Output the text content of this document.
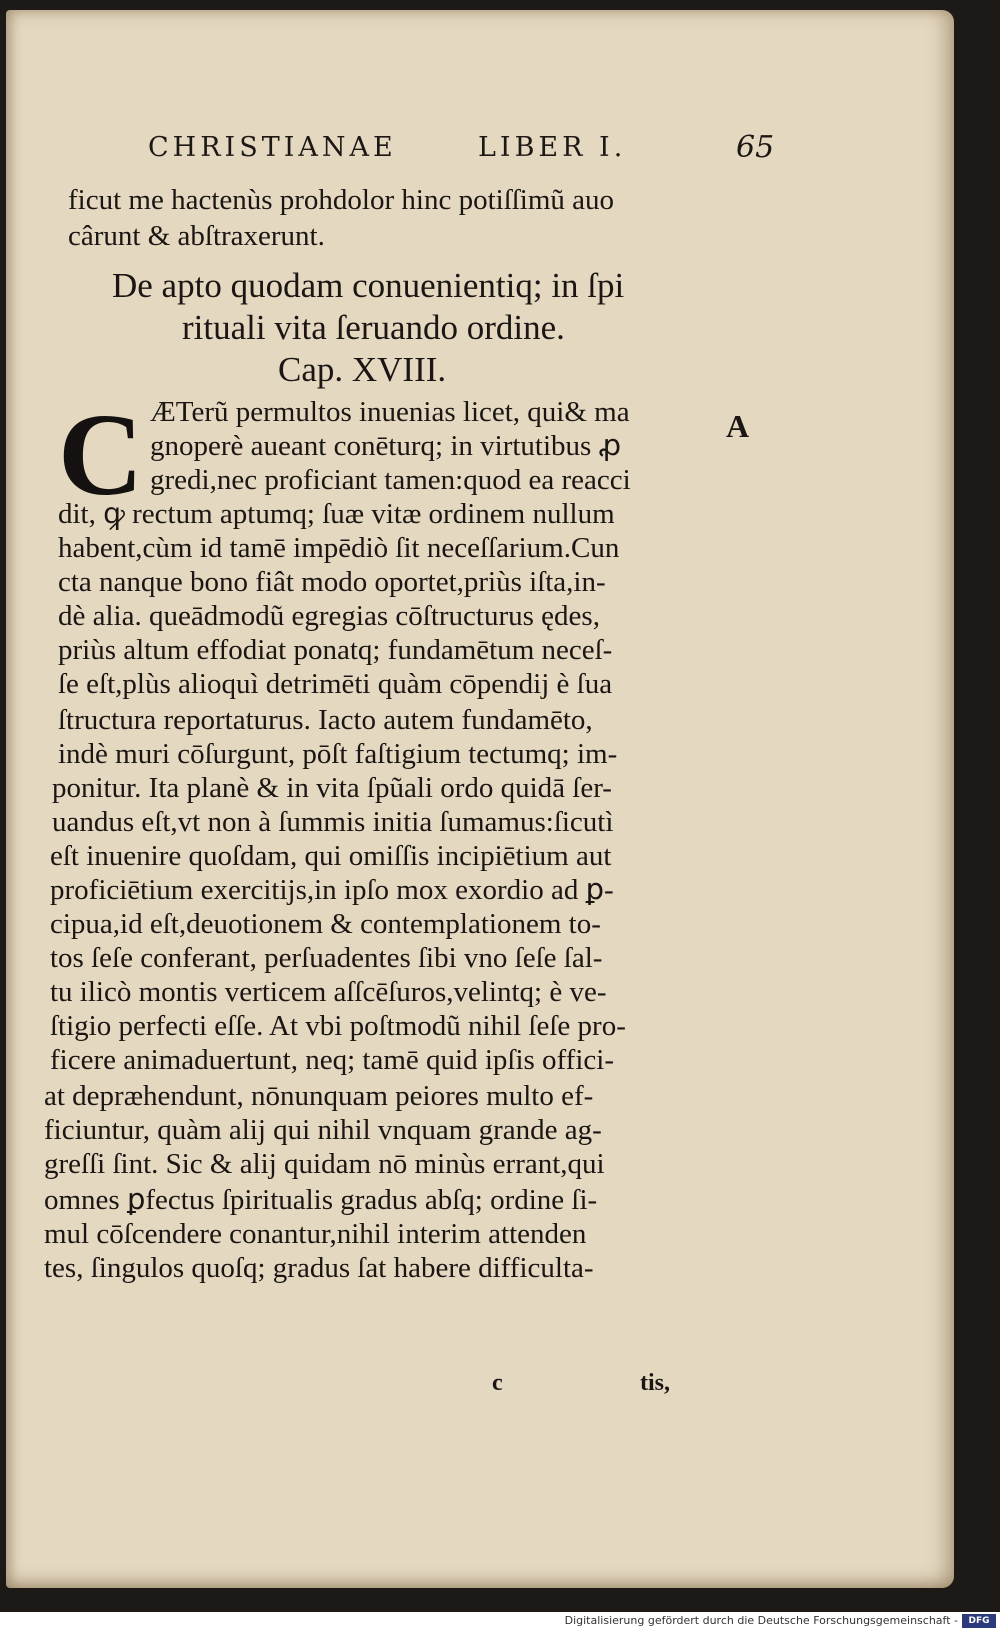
CHRISTIANAE	LIBER I.	65
ficut me hactenùs prohdolor hinc potiſſimũ auo
cârunt & abſtraxerunt.
De apto quodam conuenientiq; in ſpi
rituali vita ſeruando ordine.
Cap. XVIII.
C	A
ÆTerũ permultos inuenias licet, qui& ma
gnoperè aueant conēturq; in virtutibus ꝓ
gredi,nec proficiant tamen:quod ea reacci
dit, ꝙ rectum aptumq; ſuæ vitæ ordinem nullum
habent,cùm id tamē impēdiò ſit neceſſarium.Cun
cta nanque bono fiât modo oportet,priùs iſta,in-
dè alia. queādmodũ egregias cōſtructurus ędes,
priùs altum effodiat ponatq; fundamētum neceſ-
ſe eſt,plùs alioquì detrimēti quàm cōpendij è ſua
ſtructura reportaturus. Iacto autem fundamēto,
indè muri cōſurgunt, pōſt faſtigium tectumq; im-
ponitur. Ita planè & in vita ſpũali ordo quidā ſer-
uandus eſt,vt non à ſummis initia ſumamus:ſicutì
eſt inuenire quoſdam, qui omiſſis incipiētium aut
proficiētium exercitijs,in ipſo mox exordio ad ꝑ-
cipua,id eſt,deuotionem & contemplationem to-
tos ſeſe conferant, perſuadentes ſibi vno ſeſe ſal-
tu ilicò montis verticem aſſcēſuros,velintq; è ve-
ſtigio perfecti eſſe. At vbi poſtmodũ nihil ſeſe pro-
ficere animaduertunt, neq; tamē quid ipſis offici-
at depræhendunt, nōnunquam peiores multo ef-
ficiuntur, quàm alij qui nihil vnquam grande ag-
greſſi ſint. Sic & alij quidam nō minùs errant,qui
omnes ꝑfectus ſpiritualis gradus abſq; ordine ſi-
mul cōſcendere conantur,nihil interim attenden
tes, ſingulos quoſq; gradus ſat habere difficulta-
c	tis,
Digitalisierung gefördert durch die Deutsche Forschungsgemeinschaft -	DFG
